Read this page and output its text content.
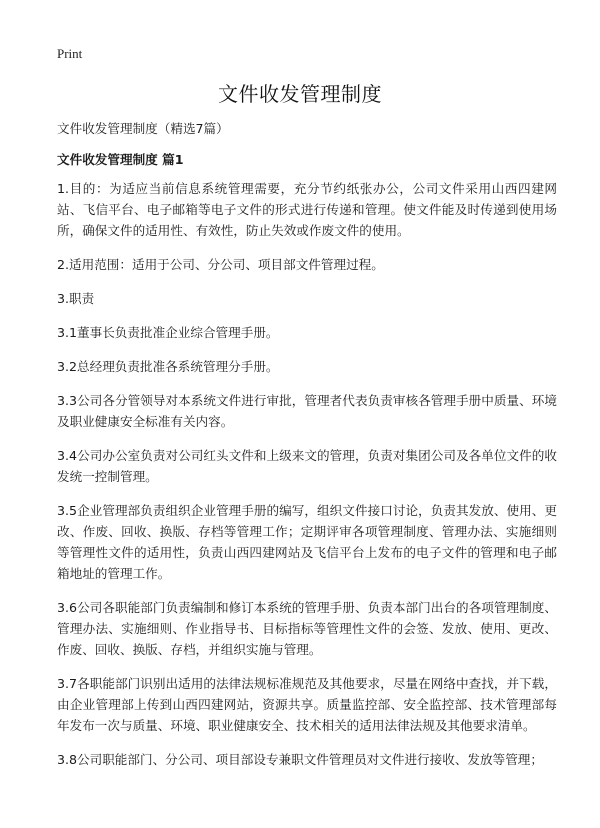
Print
文件收发管理制度

文件收发管理制度（精选7篇）

文件收发管理制度 篇1

1.目的：为适应当前信息系统管理需要，充分节约纸张办公，公司文件采用山西四建网站、飞信平台、电子邮箱等电子文件的形式进行传递和管理。使文件能及时传递到使用场所，确保文件的适用性、有效性，防止失效或作废文件的使用。

2.适用范围：适用于公司、分公司、项目部文件管理过程。

3.职责

3.1董事长负责批准企业综合管理手册。

3.2总经理负责批准各系统管理分手册。

3.3公司各分管领导对本系统文件进行审批，管理者代表负责审核各管理手册中质量、环境及职业健康安全标准有关内容。

3.4公司办公室负责对公司红头文件和上级来文的管理，负责对集团公司及各单位文件的收发统一控制管理。

3.5企业管理部负责组织企业管理手册的编写，组织文件接口讨论，负责其发放、使用、更改、作废、回收、换版、存档等管理工作；定期评审各项管理制度、管理办法、实施细则等管理性文件的适用性，负责山西四建网站及飞信平台上发布的电子文件的管理和电子邮箱地址的管理工作。

3.6公司各职能部门负责编制和修订本系统的管理手册、负责本部门出台的各项管理制度、管理办法、实施细则、作业指导书、目标指标等管理性文件的会签、发放、使用、更改、作废、回收、换版、存档，并组织实施与管理。

3.7各职能部门识别出适用的法律法规标准规范及其他要求，尽量在网络中查找，并下载，由企业管理部上传到山西四建网站，资源共享。质量监控部、安全监控部、技术管理部每年发布一次与质量、环境、职业健康安全、技术相关的适用法律法规及其他要求清单。

3.8公司职能部门、分公司、项目部设专兼职文件管理员对文件进行接收、发放等管理；
